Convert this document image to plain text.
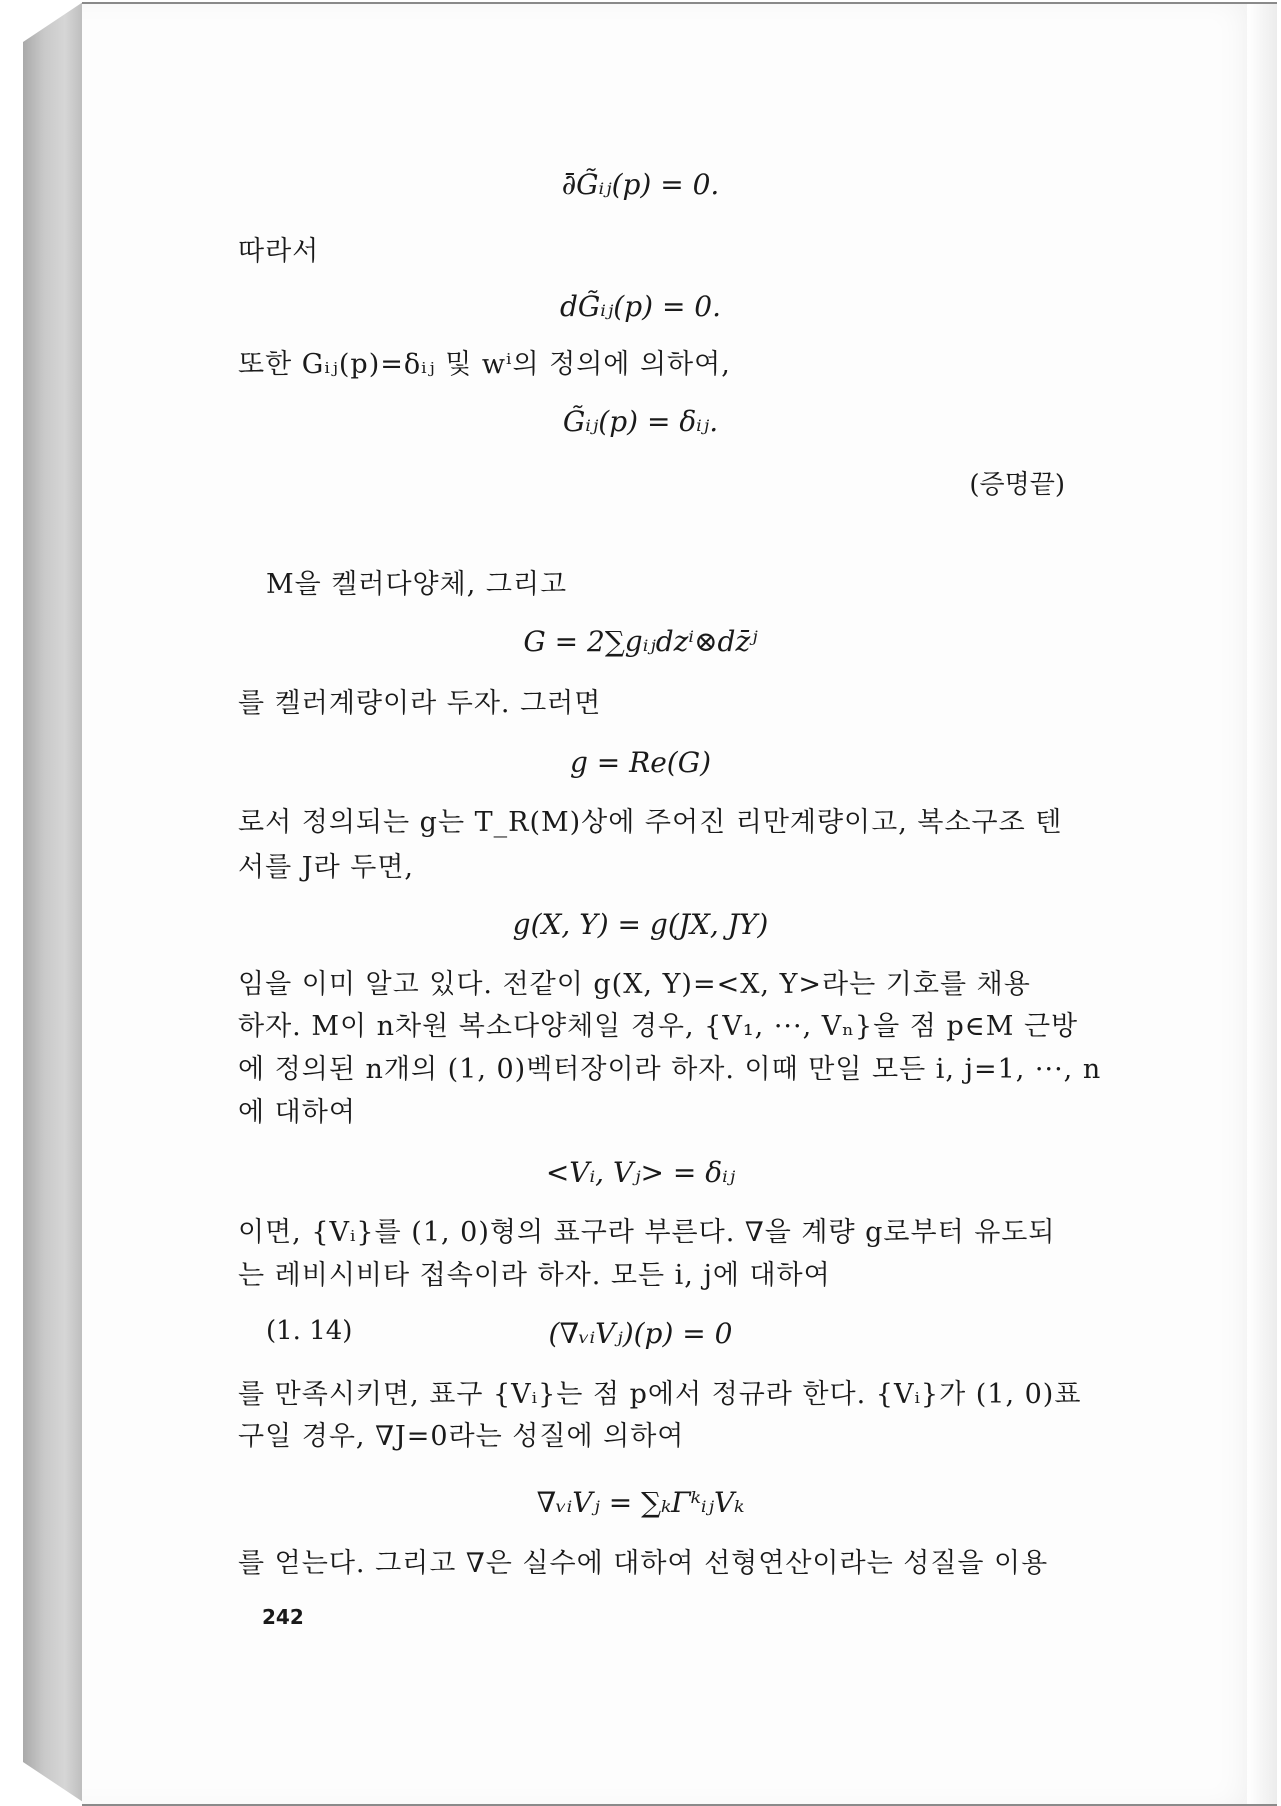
∂̄G̃ᵢⱼ(p) = 0.
따라서
dG̃ᵢⱼ(p) = 0.
또한 Gᵢⱼ(p)=δᵢⱼ 및 wⁱ의 정의에 의하여,
G̃ᵢⱼ(p) = δᵢⱼ.
(증명끝)
M을 켈러다양체, 그리고
G = 2∑gᵢⱼdzⁱ⊗dz̄ʲ
를 켈러계량이라 두자. 그러면
g = Re(G)
로서 정의되는 g는 T_R(M)상에 주어진 리만계량이고, 복소구조 텐
서를 J라 두면,
g(X, Y) = g(JX, JY)
임을 이미 알고 있다. 전같이 g(X, Y)=<X, Y>라는 기호를 채용
하자. M이 n차원 복소다양체일 경우, {V₁, ···, Vₙ}을 점 p∈M 근방
에 정의된 n개의 (1, 0)벡터장이라 하자. 이때 만일 모든 i, j=1, ···, n
에 대하여
<Vᵢ, Vⱼ> = δᵢⱼ
이면, {Vᵢ}를 (1, 0)형의 표구라 부른다. ∇을 계량 g로부터 유도되
는 레비시비타 접속이라 하자. 모든 i, j에 대하여
(1. 14)	(∇ᵥᵢVⱼ)(p) = 0
를 만족시키면, 표구 {Vᵢ}는 점 p에서 정규라 한다. {Vᵢ}가 (1, 0)표
구일 경우, ∇J=0라는 성질에 의하여
∇ᵥᵢVⱼ = ∑ₖΓᵏᵢⱼVₖ
를 얻는다. 그리고 ∇은 실수에 대하여 선형연산이라는 성질을 이용
242
